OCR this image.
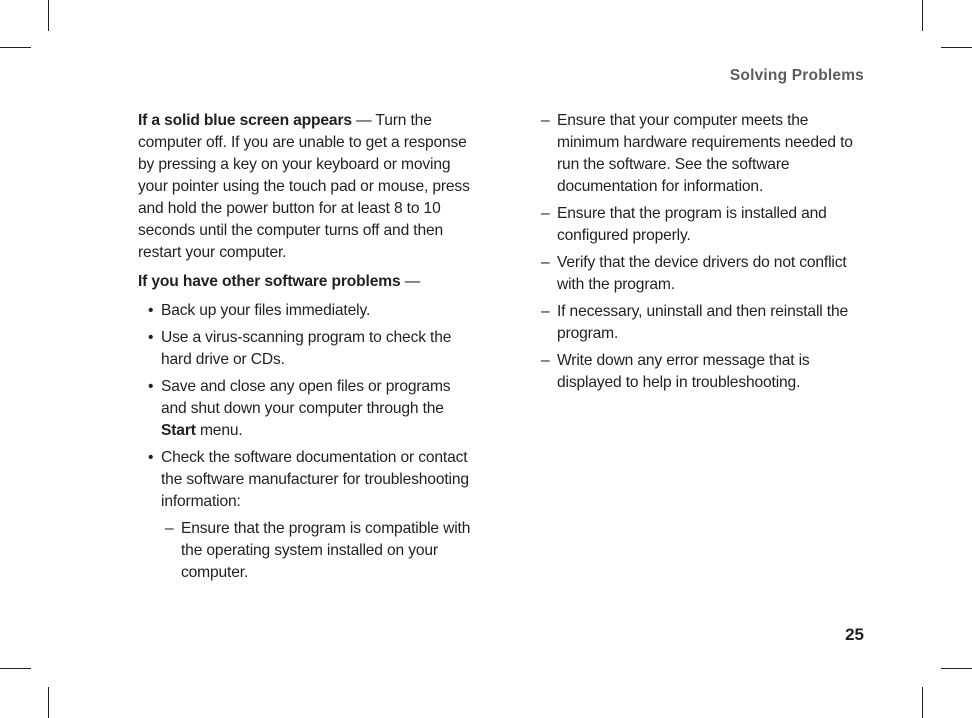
Solving Problems

If a solid blue screen appears — Turn the computer off. If you are unable to get a response by pressing a key on your keyboard or moving your pointer using the touch pad or mouse, press and hold the power button for at least 8 to 10 seconds until the computer turns off and then restart your computer.

If you have other software problems —

• Back up your files immediately.
• Use a virus-scanning program to check the hard drive or CDs.
• Save and close any open files or programs and shut down your computer through the Start menu.
• Check the software documentation or contact the software manufacturer for troubleshooting information:
– Ensure that the program is compatible with the operating system installed on your computer.
– Ensure that your computer meets the minimum hardware requirements needed to run the software. See the software documentation for information.
– Ensure that the program is installed and configured properly.
– Verify that the device drivers do not conflict with the program.
– If necessary, uninstall and then reinstall the program.
– Write down any error message that is displayed to help in troubleshooting.
25
